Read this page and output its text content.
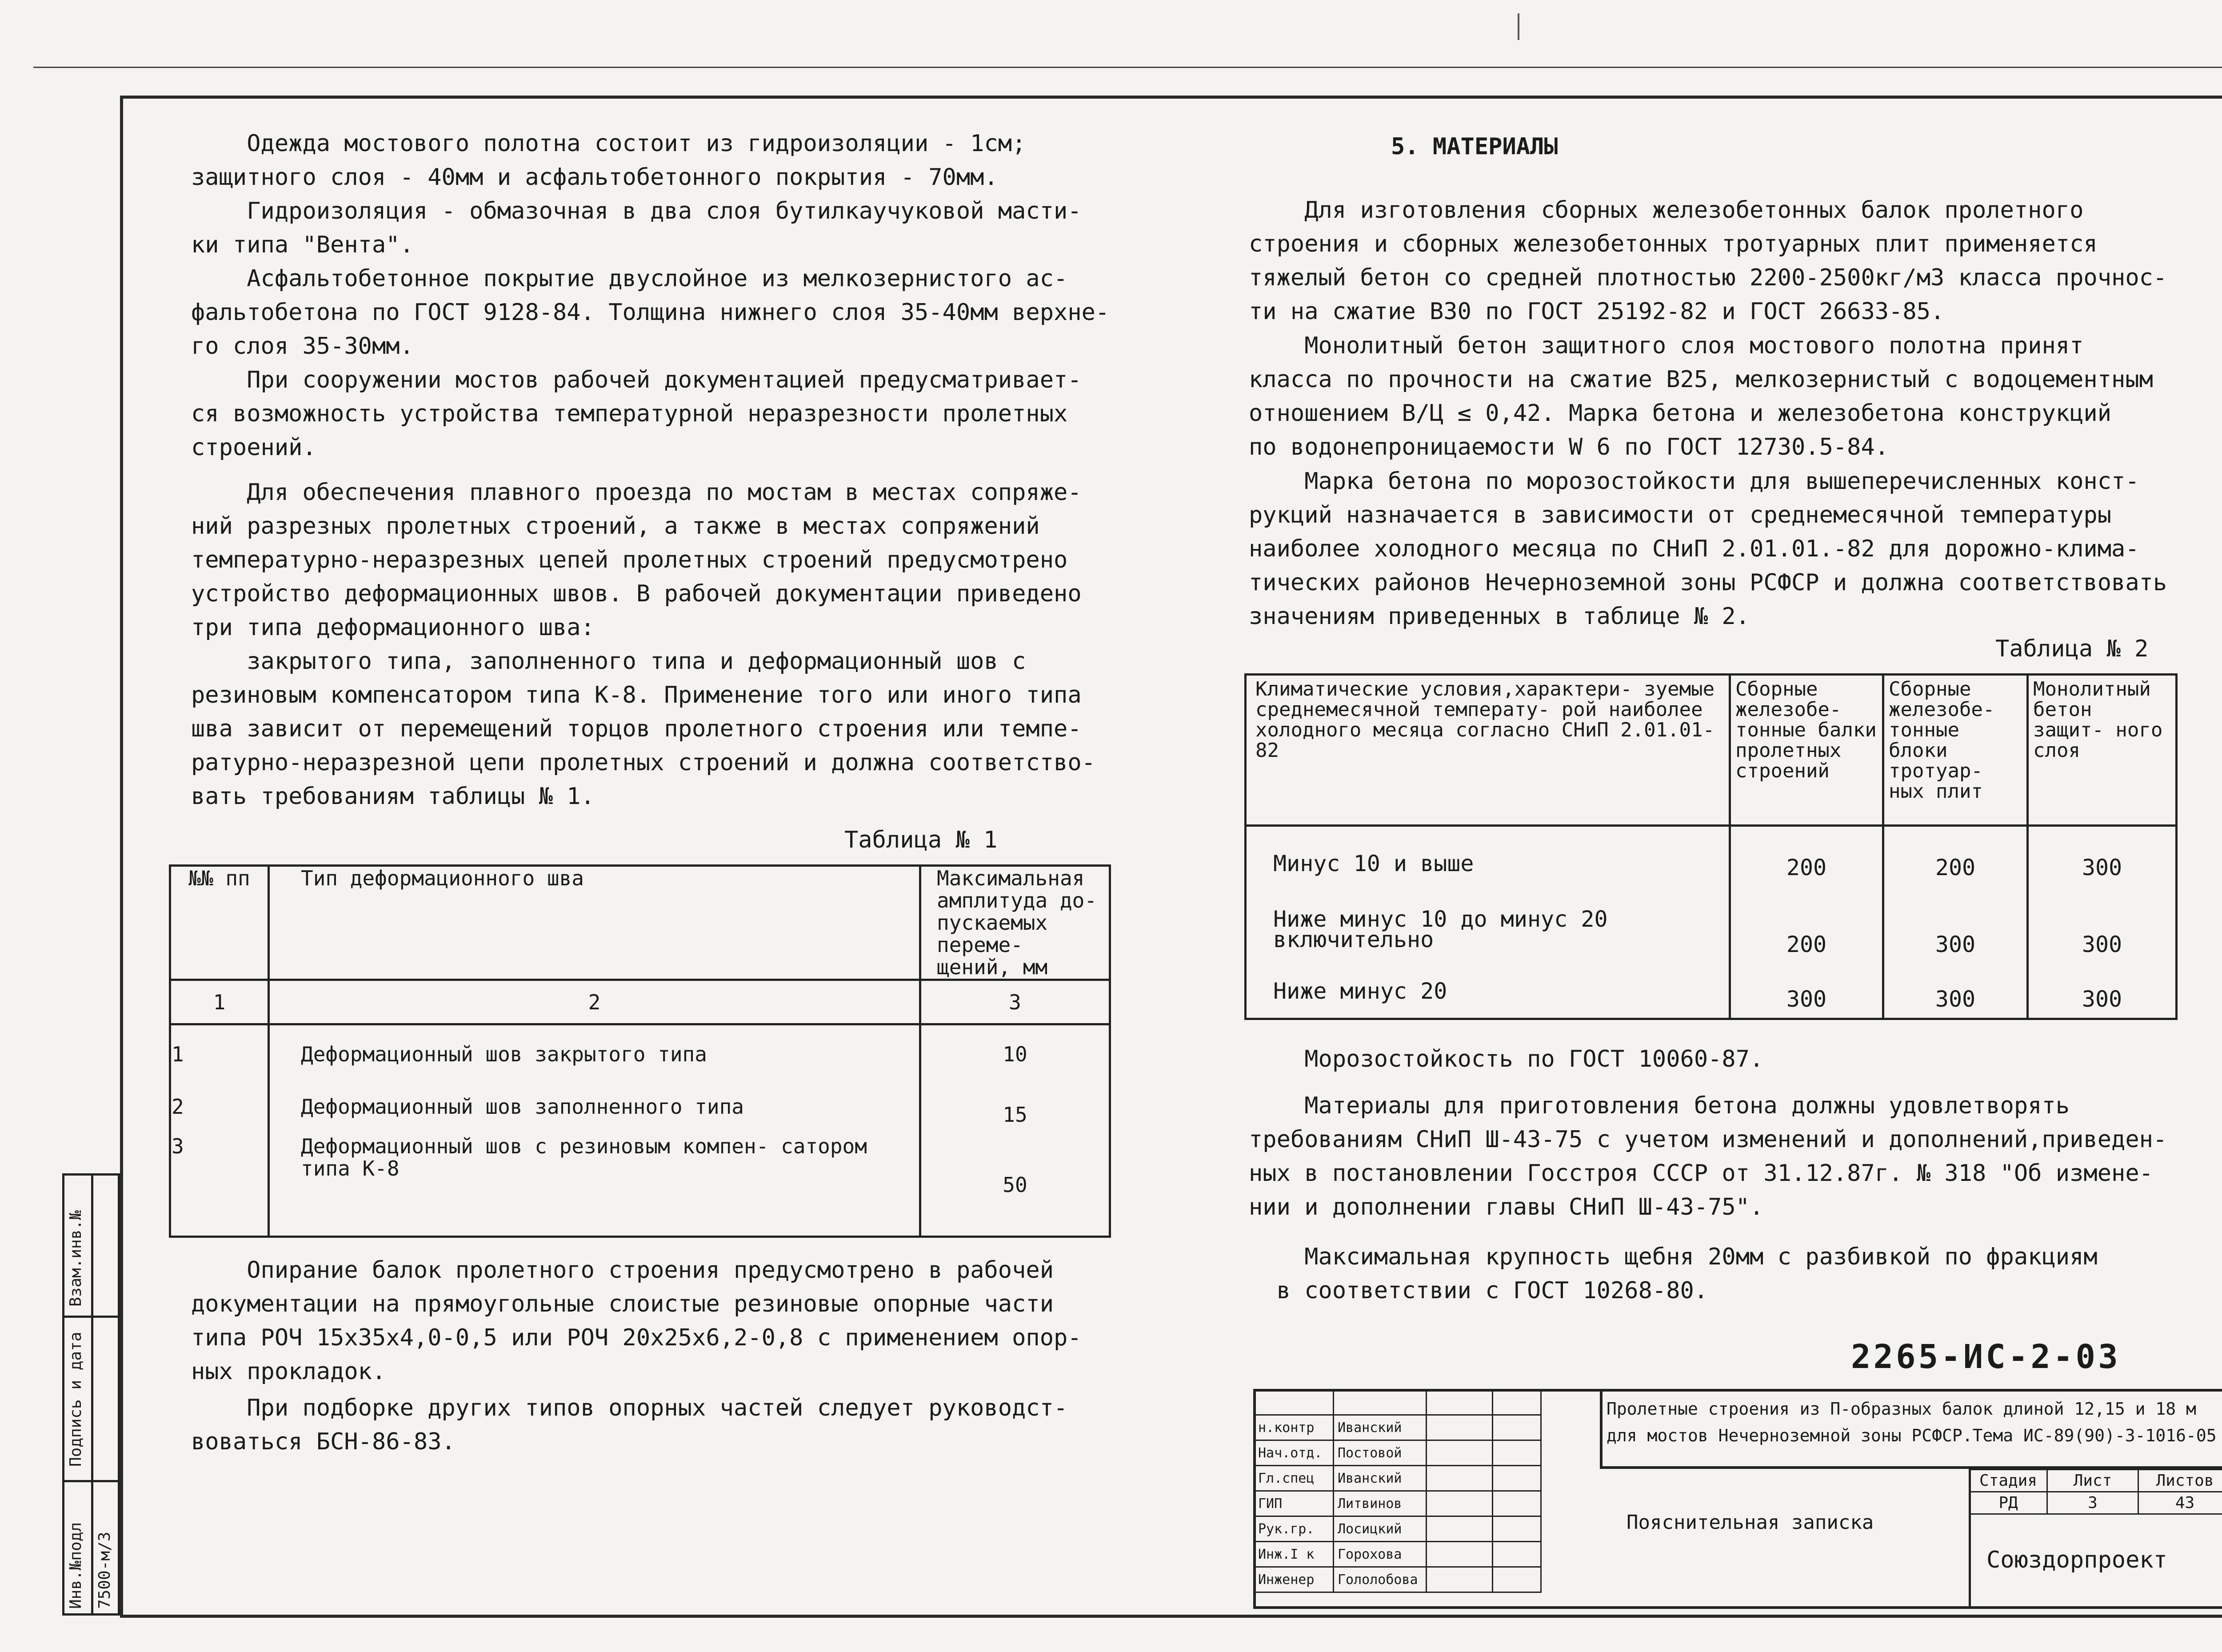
Одежда мостового полотна состоит из гидроизоляции - 1см;
защитного слоя - 40мм и асфальтобетонного покрытия - 70мм.
Гидроизоляция - обмазочная в два слоя бутилкаучуковой масти-
ки типа "Вента".
Асфальтобетонное покрытие двуслойное из мелкозернистого ас-
фальтобетона по ГОСТ 9128-84. Толщина нижнего слоя 35-40мм верхне-
го слоя 35-30мм.
При сооружении мостов рабочей документацией предусматривает-
ся возможность устройства температурной неразрезности пролетных
строений.
Для обеспечения плавного проезда по мостам в местах сопряже-
ний разрезных пролетных строений, а также в местах сопряжений
температурно-неразрезных цепей пролетных строений предусмотрено
устройство деформационных швов. В рабочей документации приведено
три типа деформационного шва:
закрытого типа, заполненного типа и деформационный шов с
резиновым компенсатором типа К-8. Применение того или иного типа
шва зависит от перемещений торцов пролетного строения или темпе-
ратурно-неразрезной цепи пролетных строений и должна соответство-
вать требованиям таблицы № 1.
Таблица № 1
№№ пп	Тип деформационного шва	Максимальная амплитуда до- пускаемых переме- щений, мм
1	2	3
1	Деформационный шов закрытого типа	10
2	Деформационный шов заполненного типа	15
3	Деформационный шов с резиновым компен- сатором типа К-8	50
Опирание балок пролетного строения предусмотрено в рабочей
документации на прямоугольные слоистые резиновые опорные части
типа РОЧ 15х35х4,0-0,5 или РОЧ 20х25х6,2-0,8 с применением опор-
ных прокладок.
При подборке других типов опорных частей следует руководст-
воваться БСН-86-83.
5. МАТЕРИАЛЫ
Для изготовления сборных железобетонных балок пролетного
строения и сборных железобетонных тротуарных плит применяется
тяжелый бетон со средней плотностью 2200-2500кг/м3 класса прочнос-
ти на сжатие В30 по ГОСТ 25192-82 и ГОСТ 26633-85.
Монолитный бетон защитного слоя мостового полотна принят
класса по прочности на сжатие В25, мелкозернистый с водоцементным
отношением В/Ц ≤ 0,42. Марка бетона и железобетона конструкций
по водонепроницаемости W 6 по ГОСТ 12730.5-84.
Марка бетона по морозостойкости для вышеперечисленных конст-
рукций назначается в зависимости от среднемесячной температуры
наиболее холодного месяца по СНиП 2.01.01.-82 для дорожно-клима-
тических районов Нечерноземной зоны РСФСР и должна соответствовать
значениям приведенных в таблице № 2.
Таблица № 2
Климатические условия,характери- зуемые среднемесячной температу- рой наиболее холодного месяца согласно СНиП 2.01.01-82	Сборные железобе- тонные балки пролетных строений	Сборные железобе- тонные блоки тротуар- ных плит	Монолитный бетон защит- ного слоя
Минус 10 и выше	200	200	300
Ниже минус 10 до минус 20 включительно	200	300	300
Ниже минус 20	300	300	300
Морозостойкость по ГОСТ 10060-87.
Материалы для приготовления бетона должны удовлетворять
требованиям СНиП Ш-43-75 с учетом изменений и дополнений,приведен-
ных в постановлении Госстроя СССР от 31.12.87г. № 318 "Об измене-
нии и дополнении главы СНиП Ш-43-75".
Максимальная крупность щебня 20мм с разбивкой по фракциям
в соответствии с ГОСТ 10268-80.
2265-ИС-2-03

н.контр	Иванский		
Нач.отд.	Постовой		
Гл.спец	Иванский		
ГИП	Литвинов		
Рук.гр.	Лосицкий		
Инж.I к	Горохова		
Инженер	Гололобова		
Пролетные строения из П-образных балок длиной 12,15 и 18 м для мостов Нечерноземной зоны РСФСР.Тема ИС-89(90)-3-1016-05
Пояснительная записка
Стадия	Лист	Листов
РД	3	43
Союздорпроект
Инв.№подл
Подпись и дата
Взам.инв.№
7500-м/3
